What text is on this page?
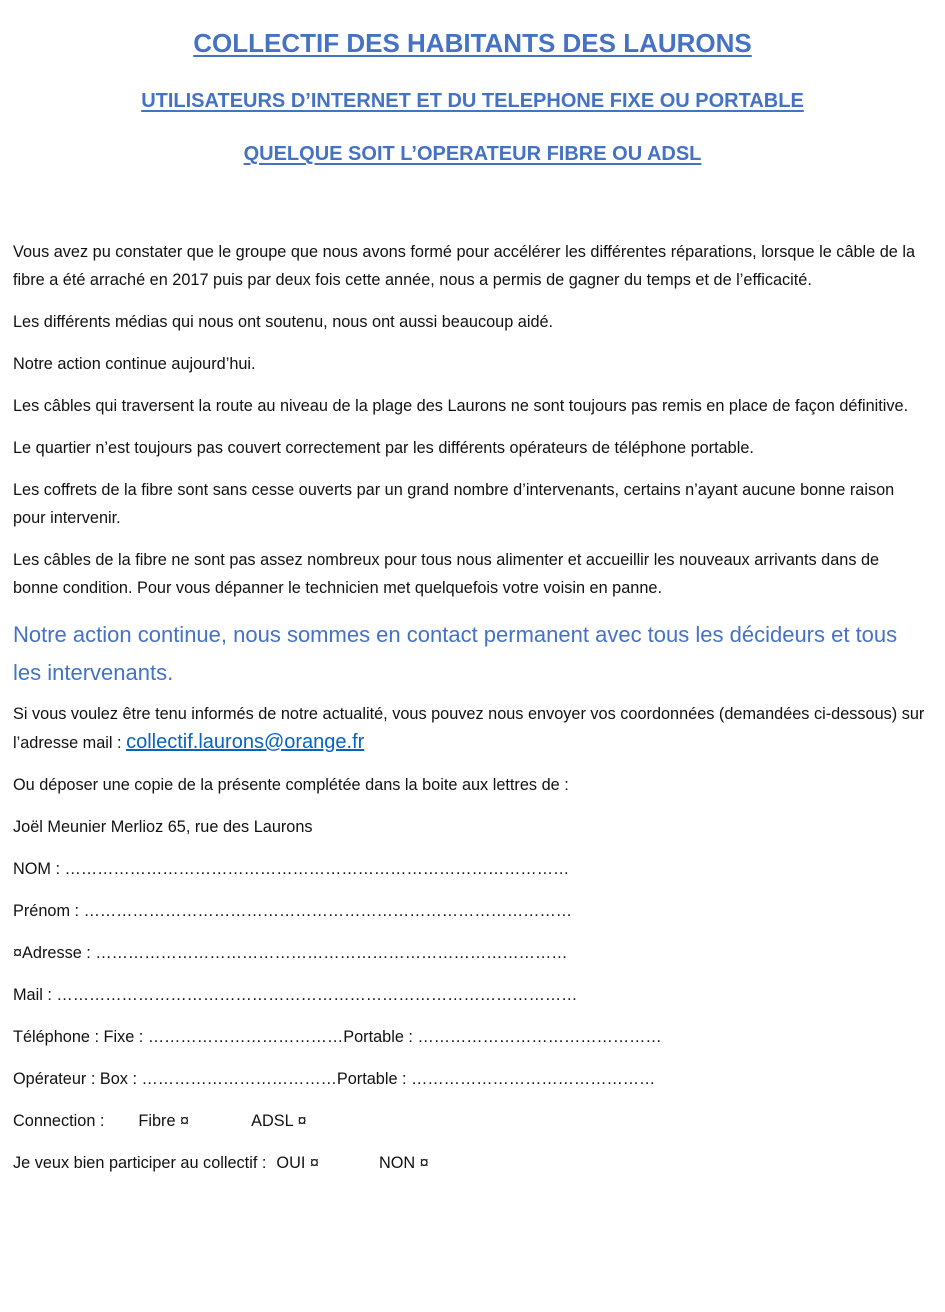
COLLECTIF DES HABITANTS DES LAURONS
UTILISATEURS D’INTERNET ET DU TELEPHONE FIXE OU PORTABLE
QUELQUE SOIT L’OPERATEUR FIBRE OU ADSL

Vous avez pu constater que le groupe que nous avons formé pour accélérer les différentes réparations, lorsque le câble de la fibre a été arraché en 2017 puis par deux fois cette année, nous a permis de gagner du temps et de l’efficacité.

Les différents médias qui nous ont soutenu, nous ont aussi beaucoup aidé.

Notre action continue aujourd’hui.

Les câbles qui traversent la route au niveau de la plage des Laurons ne sont toujours pas remis en place de façon définitive.

Le quartier n’est toujours pas couvert correctement par les différents opérateurs de téléphone portable.

Les coffrets de la fibre sont sans cesse ouverts par un grand nombre d’intervenants, certains n’ayant aucune bonne raison pour intervenir.

Les câbles de la fibre ne sont pas assez nombreux pour tous nous alimenter et accueillir les nouveaux arrivants dans de bonne condition. Pour vous dépanner le technicien met quelquefois votre voisin en panne.

Notre action continue, nous sommes en contact permanent avec tous les décideurs et tous les intervenants.

Si vous voulez être tenu informés de notre actualité, vous pouvez nous envoyer vos coordonnées (demandées ci-dessous) sur l’adresse mail : collectif.laurons@orange.fr

Ou déposer une copie de la présente complétée dans la boite aux lettres de :

Joël Meunier Merlioz 65, rue des Laurons

NOM : …………………………………………………………………………………

Prénom : ………………………………………………………………………………

¤Adresse : ……………………………………………………………………………

Mail : ……………………………………………………………………………………

Téléphone : Fixe : ………………………………Portable : ………………………………………

Opérateur : Box : ………………………………Portable : ………………………………………

Connection : Fibre ¤	ADSL ¤

Je veux bien participer au collectif : OUI ¤	NON ¤
